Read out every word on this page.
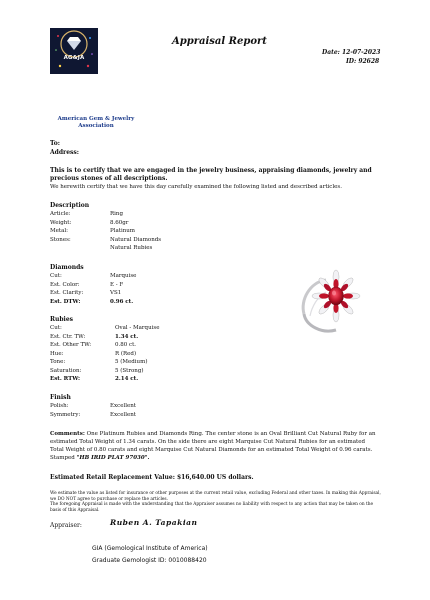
AG&JA
American Gem & Jewelry Association
Appraisal Report
Date: 12-07-2023
ID: 92628
To:
Address:
This is to certify that we are engaged in the jewelry business, appraising diamonds, jewelry and precious stones of all descriptions.
We herewith certify that we have this day carefully examined the following listed and described articles.
Description
Article:	Ring
Weight:	8.60gr
Metal:	Platinum
Stones:	Natural Diamonds
Natural Rubies
Diamonds
Cut:	Marquise
Est. Color:	E - F
Est. Clarity:	VS1
Est. DTW:	0.96 ct.
Rubies
Cut:	Oval - Marquise
Est. Ctr. TW:	1.34 ct.
Est. Other TW:	0.80 ct.
Hue:	R (Red)
Tone:	5 (Medium)
Saturation:	5 (Strong)
Est. RTW:	2.14 ct.
Finish
Polish:	Excellent
Symmetry:	Excellent
Comments: One Platinum Rubies and Diamonds Ring. The center stone is an Oval Brilliant Cut Natural Ruby for an estimated Total Weight of 1.34 carats. On the side there are eight Marquise Cut Natural Rubies for an estimated Total Weight of 0.80 carats and eight Marquise Cut Natural Diamonds for an estimated Total Weight of 0.96 carats. Stamped "HB IRID PLAT 97030".
Estimated Retail Replacement Value: $16,640.00 US dollars.
We estimate the value as listed for insurance or other purposes at the current retail value, excluding Federal and other taxes. In making this Appraisal, we DO NOT agree to purchase or replace the articles.
The foregoing Appraisal is made with the understanding that the Appraiser assumes no liability with respect to any action that may be taken on the basis of this Appraisal.
Appraiser:	Ruben A. Tapakian
GIA (Gemological Institute of America)
Graduate Gemologist ID: 0010088420
